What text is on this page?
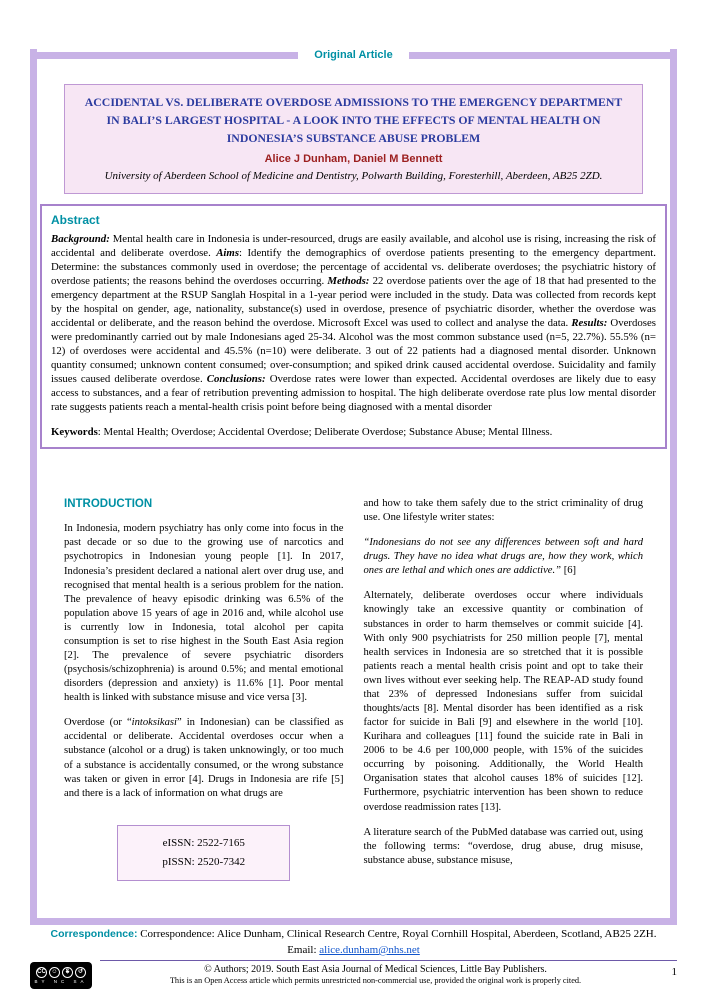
Original Article
ACCIDENTAL VS. DELIBERATE OVERDOSE ADMISSIONS TO THE EMERGENCY DEPARTMENT IN BALI’S LARGEST HOSPITAL - A LOOK INTO THE EFFECTS OF MENTAL HEALTH ON INDONESIA’S SUBSTANCE ABUSE PROBLEM
Alice J Dunham, Daniel M Bennett
University of Aberdeen School of Medicine and Dentistry, Polwarth Building, Foresterhill, Aberdeen, AB25 2ZD.
Abstract

Background: Mental health care in Indonesia is under-resourced, drugs are easily available, and alcohol use is rising, increasing the risk of accidental and deliberate overdose. Aims: Identify the demographics of overdose patients presenting to the emergency department. Determine: the substances commonly used in overdose; the percentage of accidental vs. deliberate overdoses; the psychiatric history of overdose patients; the reasons behind the overdoses occurring. Methods: 22 overdose patients over the age of 18 that had presented to the emergency department at the RSUP Sanglah Hospital in a 1-year period were included in the study. Data was collected from records kept by the hospital on gender, age, nationality, substance(s) used in overdose, presence of psychiatric disorder, whether the overdose was accidental or deliberate, and the reason behind the overdose. Microsoft Excel was used to collect and analyse the data. Results: Overdoses were predominantly carried out by male Indonesians aged 25-34. Alcohol was the most common substance used (n=5, 22.7%). 55.5% (n= 12) of overdoses were accidental and 45.5% (n=10) were deliberate. 3 out of 22 patients had a diagnosed mental disorder. Unknown quantity consumed; unknown content consumed; over-consumption; and spiked drink caused accidental overdose. Suicidality and family issues caused deliberate overdose. Conclusions: Overdose rates were lower than expected. Accidental overdoses are likely due to easy access to substances, and a fear of retribution preventing admission to hospital. The high deliberate overdose rate plus low mental disorder rate suggests patients reach a mental-health crisis point before being diagnosed with a mental disorder

Keywords: Mental Health; Overdose; Accidental Overdose; Deliberate Overdose; Substance Abuse; Mental Illness.

INTRODUCTION

In Indonesia, modern psychiatry has only come into focus in the past decade or so due to the growing use of narcotics and psychotropics in Indonesian young people [1]. In 2017, Indonesia’s president declared a national alert over drug use, and recognised that mental health is a serious problem for the nation. The prevalence of heavy episodic drinking was 6.5% of the population above 15 years of age in 2016 and, while alcohol use is currently low in Indonesia, total alcohol per capita consumption is set to rise highest in the South East Asia region [2]. The prevalence of severe psychiatric disorders (psychosis/schizophrenia) is around 0.5%; and mental emotional disorders (depression and anxiety) is 11.6% [1]. Poor mental health is linked with substance misuse and vice versa [3].

Overdose (or “intoksikasi” in Indonesian) can be classified as accidental or deliberate. Accidental overdoses occur when a substance (alcohol or a drug) is taken unknowingly, or too much of a substance is accidentally consumed, or the wrong substance was taken or given in error [4]. Drugs in Indonesia are rife [5] and there is a lack of information on what drugs are

eISSN: 2522-7165
pISSN: 2520-7342

and how to take them safely due to the strict criminality of drug use. One lifestyle writer states:

“Indonesians do not see any differences between soft and hard drugs. They have no idea what drugs are, how they work, which ones are lethal and which ones are addictive.” [6]

Alternately, deliberate overdoses occur where individuals knowingly take an excessive quantity or combination of substances in order to harm themselves or commit suicide [4]. With only 900 psychiatrists for 250 million people [7], mental health services in Indonesia are so stretched that it is possible patients reach a mental health crisis point and opt to take their own lives without ever seeking help. The REAP-AD study found that 23% of depressed Indonesians suffer from suicidal thoughts/acts [8]. Mental disorder has been identified as a risk factor for suicide in Bali [9] and elsewhere in the world [10]. Kurihara and colleagues [11] found the suicide rate in Bali in 2006 to be 4.6 per 100,000 people, with 15% of the suicides occurring by poisoning. Additionally, the World Health Organisation states that alcohol causes 18% of suicides [12]. Furthermore, psychiatric intervention has been shown to reduce overdose readmission rates [13].

A literature search of the PubMed database was carried out, using the following terms: “overdose, drug abuse, drug misuse, substance abuse, substance misuse,

Correspondence: Correspondence: Alice Dunham, Clinical Research Centre, Royal Cornhill Hospital, Aberdeen, Scotland, AB25 2ZH. Email: alice.dunham@nhs.net
CC ☺	$	↺
BY NC SA
© Authors; 2019. South East Asia Journal of Medical Sciences, Little Bay Publishers.
This is an Open Access article which permits unrestricted non-commercial use, provided the original work is properly cited.
1
